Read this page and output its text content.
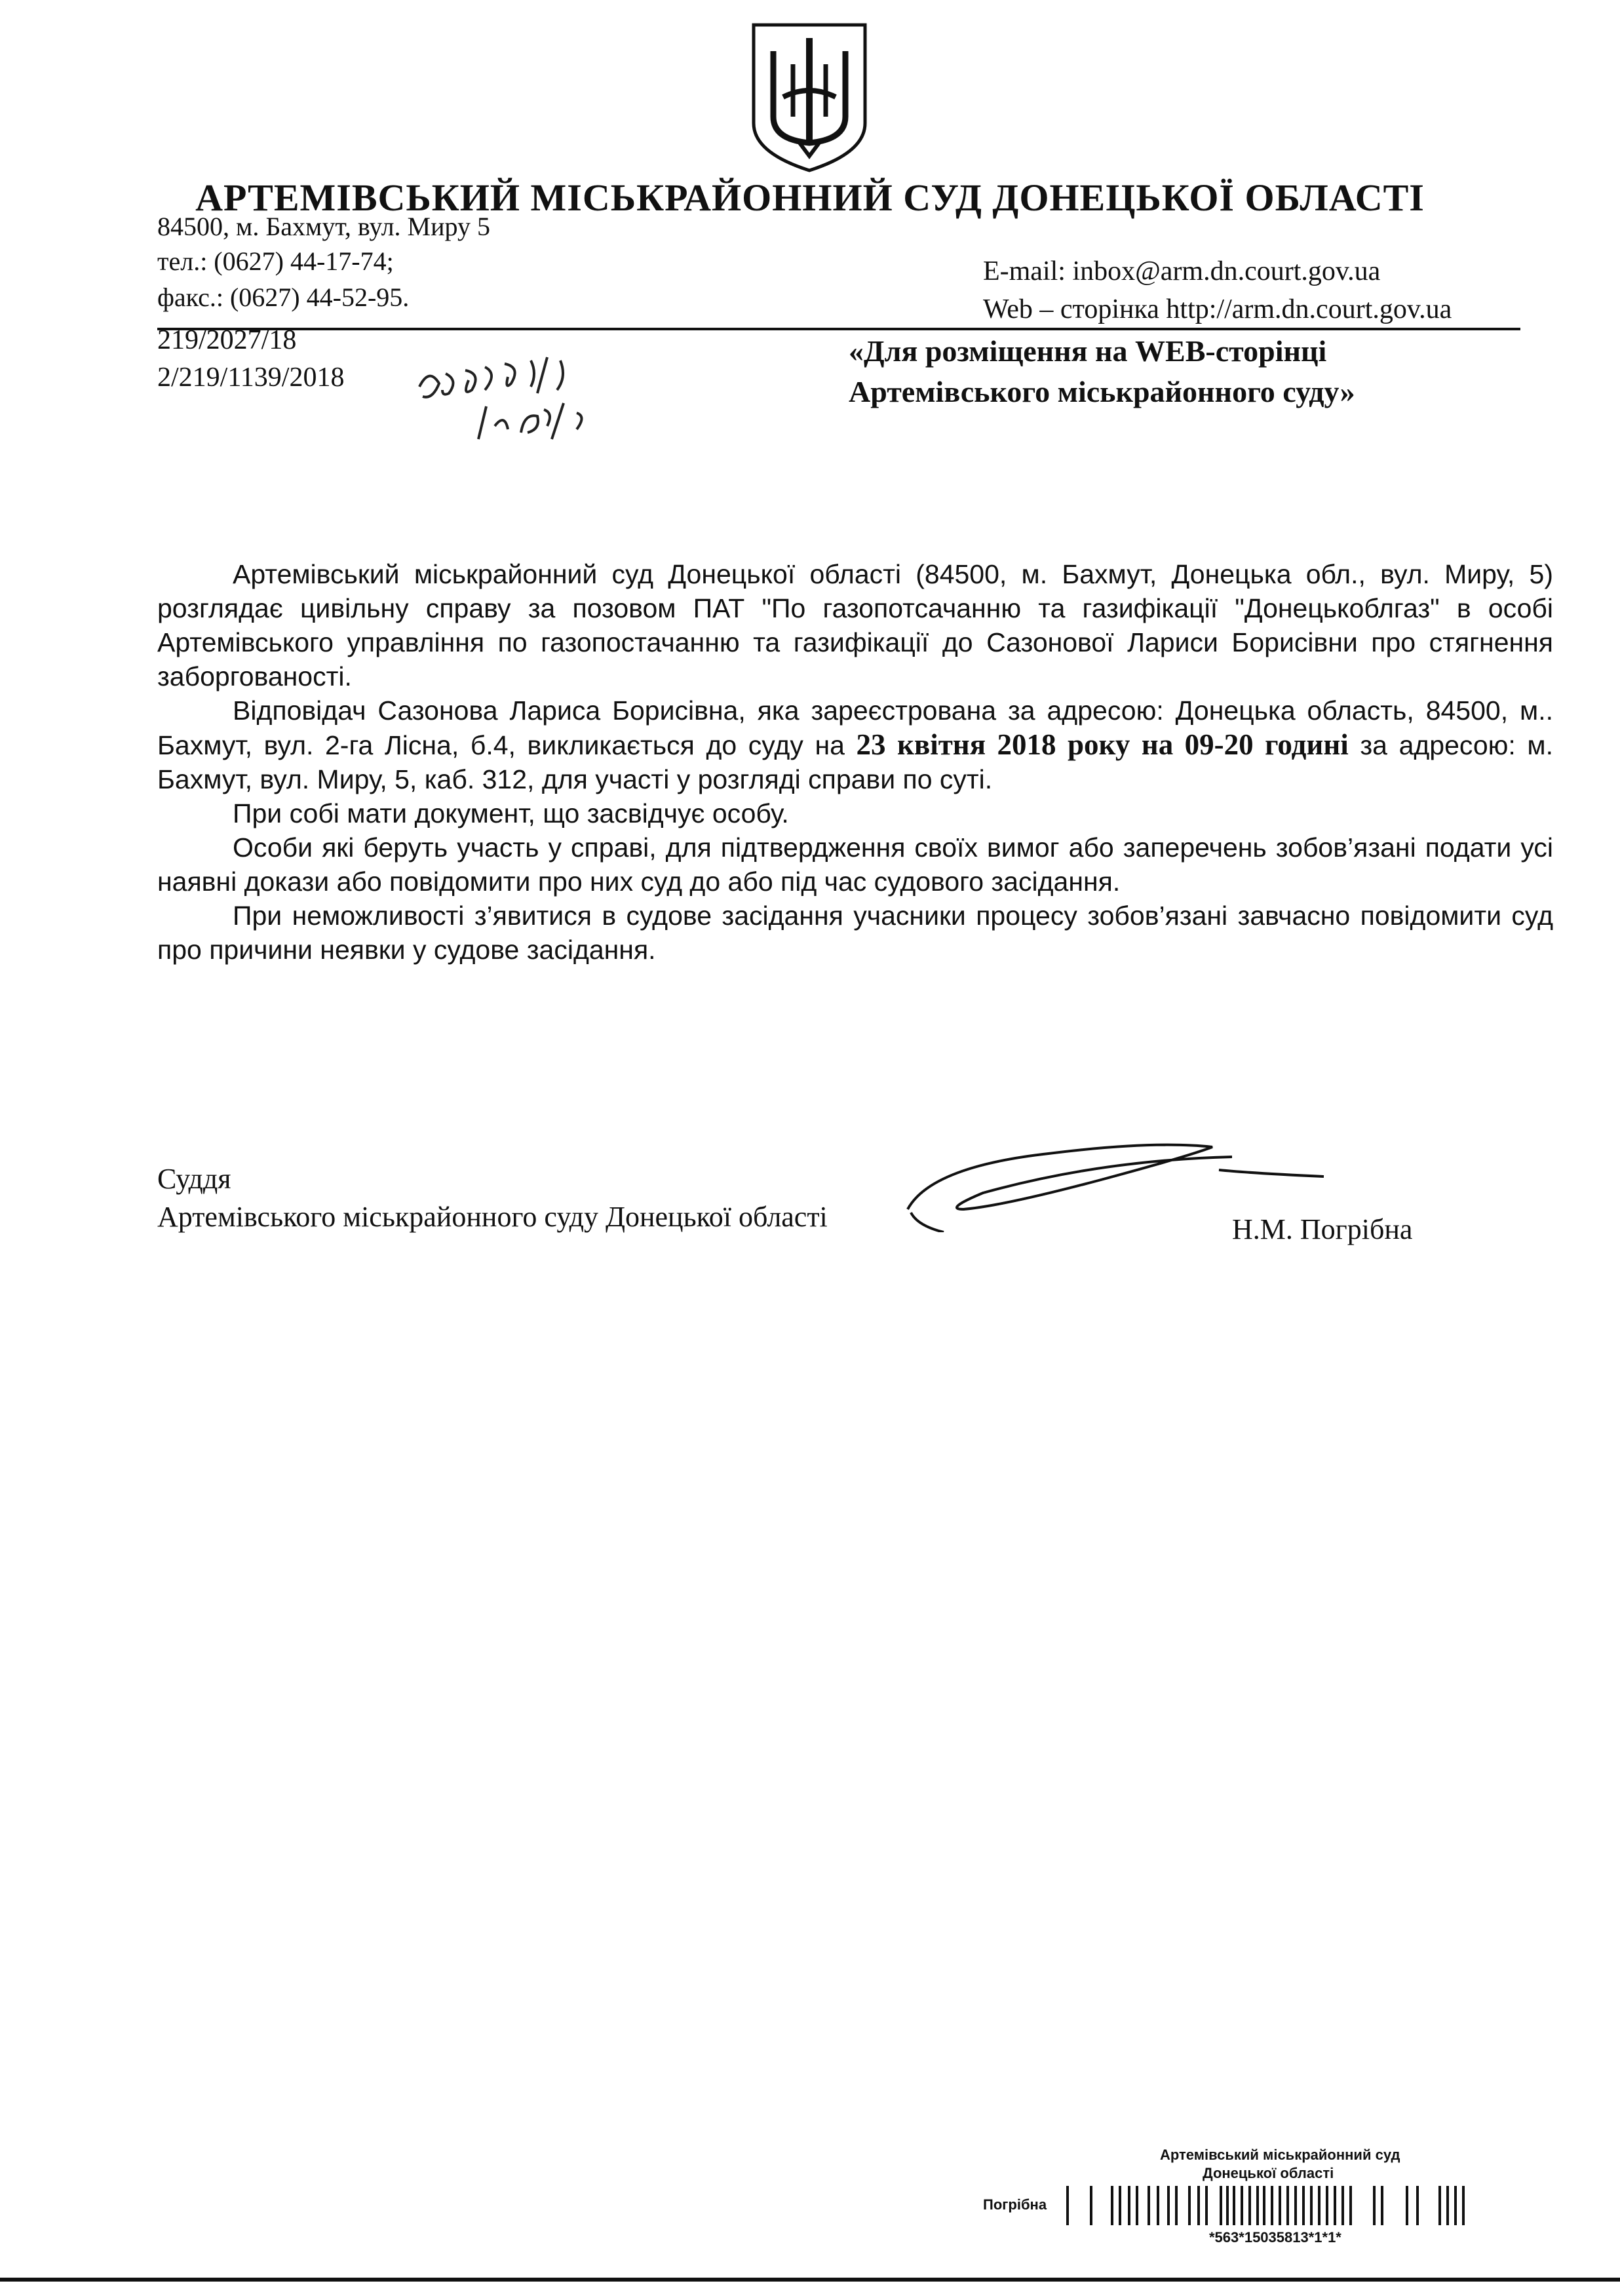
АРТЕМІВСЬКИЙ МІСЬКРАЙОННИЙ СУД ДОНЕЦЬКОЇ ОБЛАСТІ
84500, м. Бахмут, вул. Миру 5
тел.: (0627) 44-17-74;
факс.: (0627) 44-52-95.
E-mail: inbox@arm.dn.court.gov.ua
Web – сторінка http://arm.dn.court.gov.ua
219/2027/18
2/219/1139/2018
«Для розміщення на WEB-сторінці
Артемівського міськрайонного суду»

Артемівський міськрайонний суд Донецької області (84500, м. Бахмут, Донецька обл., вул. Миру, 5) розглядає цивільну справу за позовом ПАТ "По газопотсачанню та газифікації "Донецькоблгаз" в особі Артемівського управління по газопостачанню та газифікації до Сазонової Лариси Борисівни про стягнення заборгованості.

Відповідач Сазонова Лариса Борисівна, яка зареєстрована за адресою: Донецька область, 84500, м.. Бахмут, вул. 2-га Лісна, б.4, викликається до суду на 23 квітня 2018 року на 09-20 годині за адресою: м. Бахмут, вул. Миру, 5, каб. 312, для участі у розгляді справи по суті.

При собі мати документ, що засвідчує особу.

Особи які беруть участь у справі, для підтвердження своїх вимог або заперечень зобов’язані подати усі наявні докази або повідомити про них суд до або під час судового засідання.

При неможливості з’явитися в судове засідання учасники процесу зобов’язані завчасно повідомити суд про причини неявки у судове засідання.

Суддя
Артемівського міськрайонного суду Донецької області	Н.М. Погрібна
Артемівський міськрайонний суд
Донецької області
Погрібна
*563*15035813*1*1*
